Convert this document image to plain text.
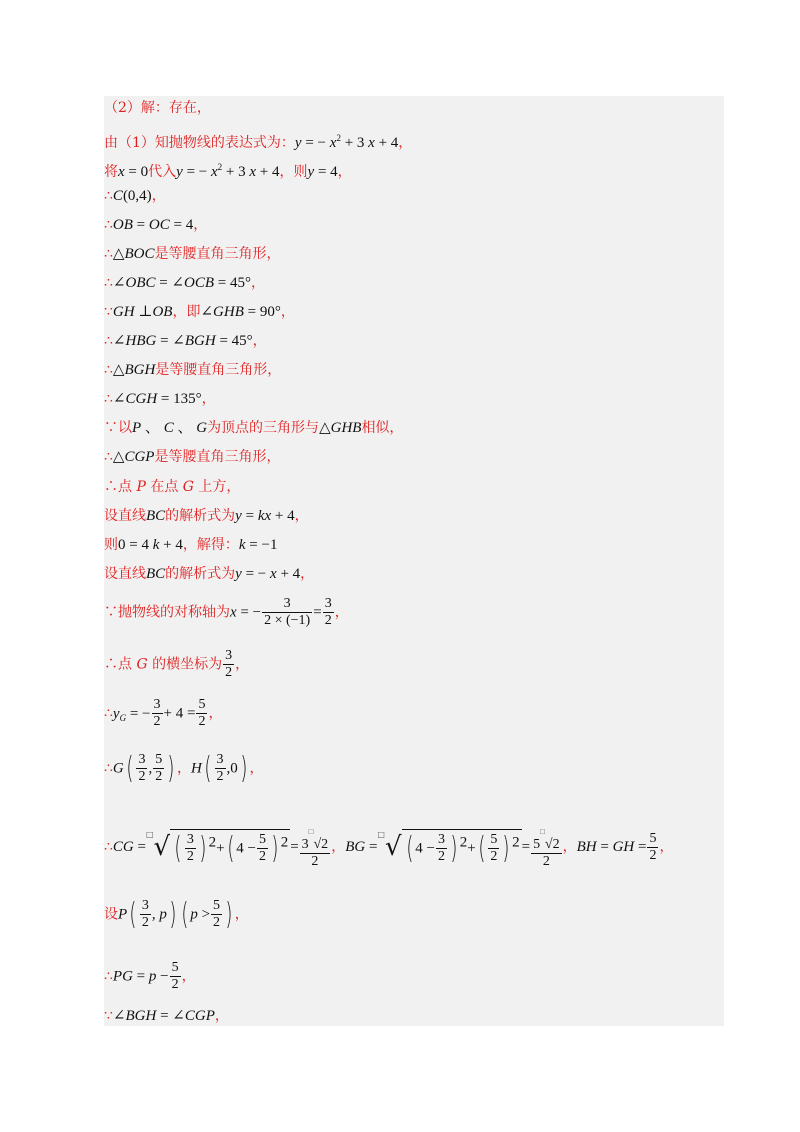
（2）解：存在，
由（1）知抛物线的表达式为：y = − $x^2 + 3$ x + 4，
将x = 0代入y = − $x^2 + 3$ x + 4，则y = 4，
∴C(0,4)，
∴OB = OC = 4，
∴△BOC是等腰直角三角形，
∴∠OBC = ∠OCB = 45°，
∵GH ⊥OB，即∠GHB = 90°，
∴∠HBG = ∠BGH = 45°，
∴△BGH是等腰直角三角形，
∴∠CGH = 135°，
∵以P 、 C 、 G为顶点的三角形与△GHB相似，
∴△CGP是等腰直角三角形，
∴点 P 在点 G 上方，
设直线BC的解析式为y = kx + 4，
则0 = 4 k + 4，解得：k = −1
设直线BC的解析式为y = − x + 4，
∵抛物线的对称轴为x = − $\frac{3}{2 \times (-1)} = \frac{3}{2}$ ，
∴点 G 的横坐标为 $\frac{3}{2}$ ，
$\therefore y_G$ = − $\frac{3}{2} + 4 = \frac{5}{2}$ ，
∴G( $\frac{3}{2}$ , $\frac{5}{2}$ ) ，$H( \frac{3}{2} ,0)$ ，
∴CG =□√ ( $\frac{3}{2}$ ) $^2$+( $4 - \frac{5}{2}$ ) $^2 = \frac{3^□√2}{2}$ ，BG =□√ ( $4 - \frac{3}{2}$ ) $^2+( \frac{5}{2}$ ) $^2 = \frac{5^□√2}{2}$ ，BH = GH = $\frac{5}{2}$ ，
设$P( \frac{3}{2}$ , p) ( $p > \frac{5}{2}$ ) ，
∴PG = $p - \frac{5}{2}$ ，
∵∠BGH = ∠CGP，
